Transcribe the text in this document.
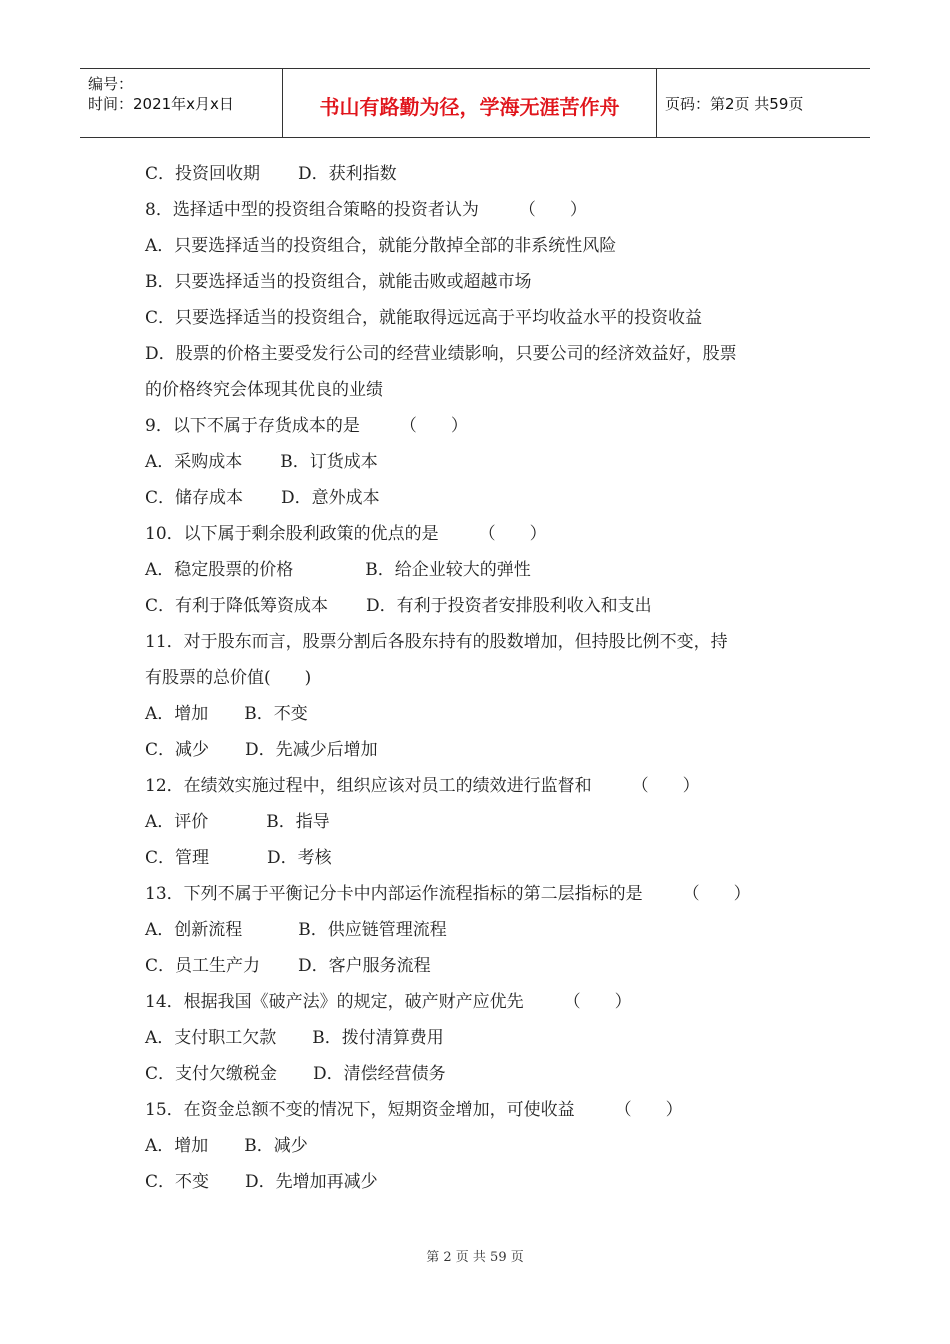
编号：
时间：2021年x月x日	书山有路勤为径，学海无涯苦作舟	页码：第2页 共59页
C．投资回收期 D．获利指数
8．选择适中型的投资组合策略的投资者认为 （　　）
A．只要选择适当的投资组合，就能分散掉全部的非系统性风险
B．只要选择适当的投资组合，就能击败或超越市场
C．只要选择适当的投资组合，就能取得远远高于平均收益水平的投资收益
D．股票的价格主要受发行公司的经营业绩影响，只要公司的经济效益好，股票
的价格终究会体现其优良的业绩
9．以下不属于存货成本的是 （　　）
A．采购成本 B．订货成本
C．储存成本 D．意外成本
10．以下属于剩余股利政策的优点的是 （　　）
A．稳定股票的价格	B．给企业较大的弹性
C．有利于降低筹资成本 D．有利于投资者安排股利收入和支出
11．对于股东而言，股票分割后各股东持有的股数增加，但持股比例不变，持
有股票的总价值(　　)
A．增加 B．不变
C．减少 D．先减少后增加
12．在绩效实施过程中，组织应该对员工的绩效进行监督和 （　　）
A．评价	B．指导
C．管理	D．考核
13．下列不属于平衡记分卡中内部运作流程指标的第二层指标的是 （　　）
A．创新流程	B．供应链管理流程
C．员工生产力 D．客户服务流程
14．根据我国《破产法》的规定，破产财产应优先 （　　）
A．支付职工欠款 B．拨付清算费用
C．支付欠缴税金 D．清偿经营债务
15．在资金总额不变的情况下，短期资金增加，可使收益 （　　）
A．增加 B．减少
C．不变 D．先增加再减少
第 2 页 共 59 页
